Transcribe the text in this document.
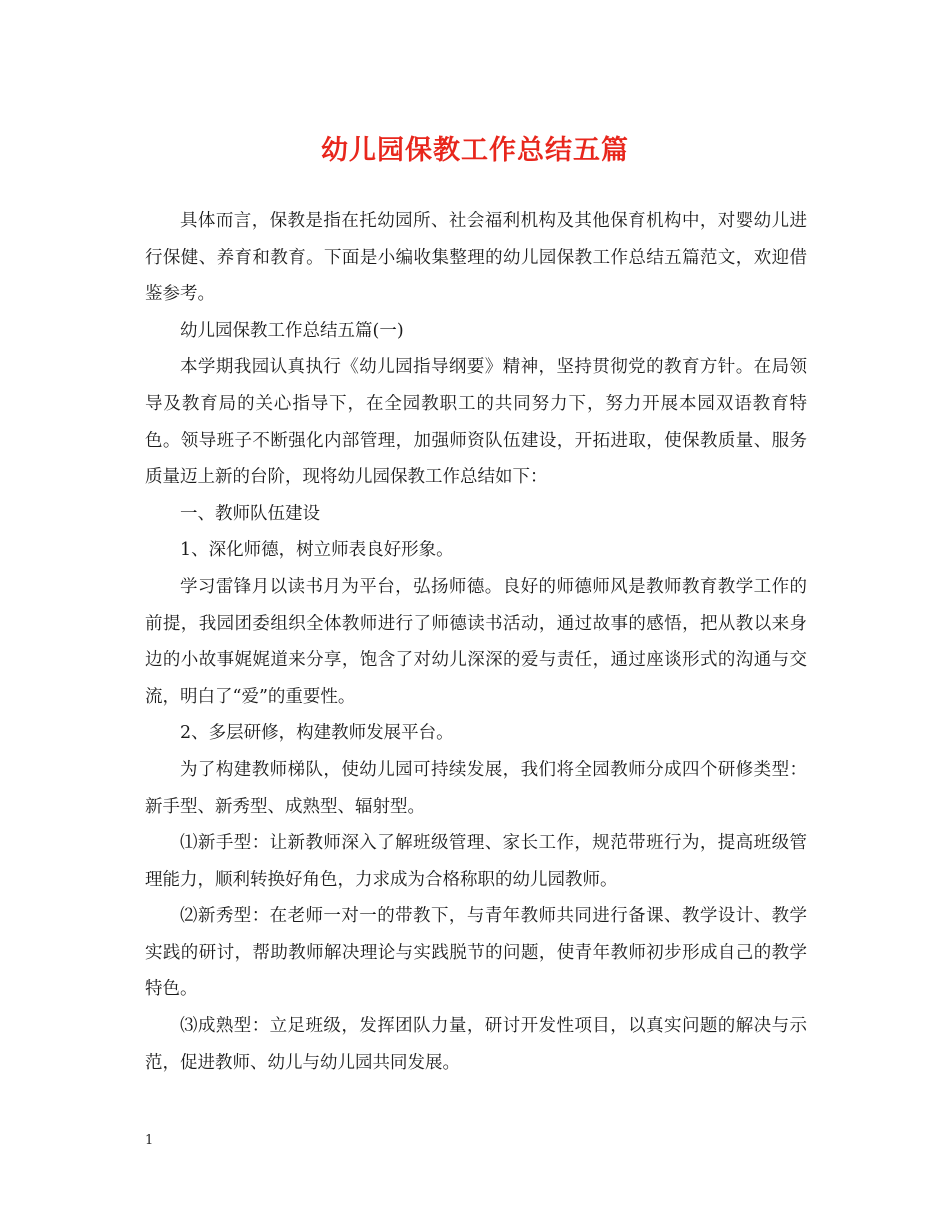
幼儿园保教工作总结五篇

具体而言，保教是指在托幼园所、社会福利机构及其他保育机构中，对婴幼儿进行保健、养育和教育。下面是小编收集整理的幼儿园保教工作总结五篇范文，欢迎借鉴参考。

幼儿园保教工作总结五篇(一)

本学期我园认真执行《幼儿园指导纲要》精神，坚持贯彻党的教育方针。在局领导及教育局的关心指导下，在全园教职工的共同努力下，努力开展本园双语教育特色。领导班子不断强化内部管理，加强师资队伍建设，开拓进取，使保教质量、服务质量迈上新的台阶，现将幼儿园保教工作总结如下：

一、教师队伍建设

1、深化师德，树立师表良好形象。

学习雷锋月以读书月为平台，弘扬师德。良好的师德师风是教师教育教学工作的前提，我园团委组织全体教师进行了师德读书活动，通过故事的感悟，把从教以来身边的小故事娓娓道来分享，饱含了对幼儿深深的爱与责任，通过座谈形式的沟通与交流，明白了“爱”的重要性。

2、多层研修，构建教师发展平台。

为了构建教师梯队，使幼儿园可持续发展，我们将全园教师分成四个研修类型：新手型、新秀型、成熟型、辐射型。

⑴新手型：让新教师深入了解班级管理、家长工作，规范带班行为，提高班级管理能力，顺利转换好角色，力求成为合格称职的幼儿园教师。

⑵新秀型：在老师一对一的带教下，与青年教师共同进行备课、教学设计、教学实践的研讨，帮助教师解决理论与实践脱节的问题，使青年教师初步形成自己的教学特色。

⑶成熟型：立足班级，发挥团队力量，研讨开发性项目，以真实问题的解决与示范，促进教师、幼儿与幼儿园共同发展。

1
